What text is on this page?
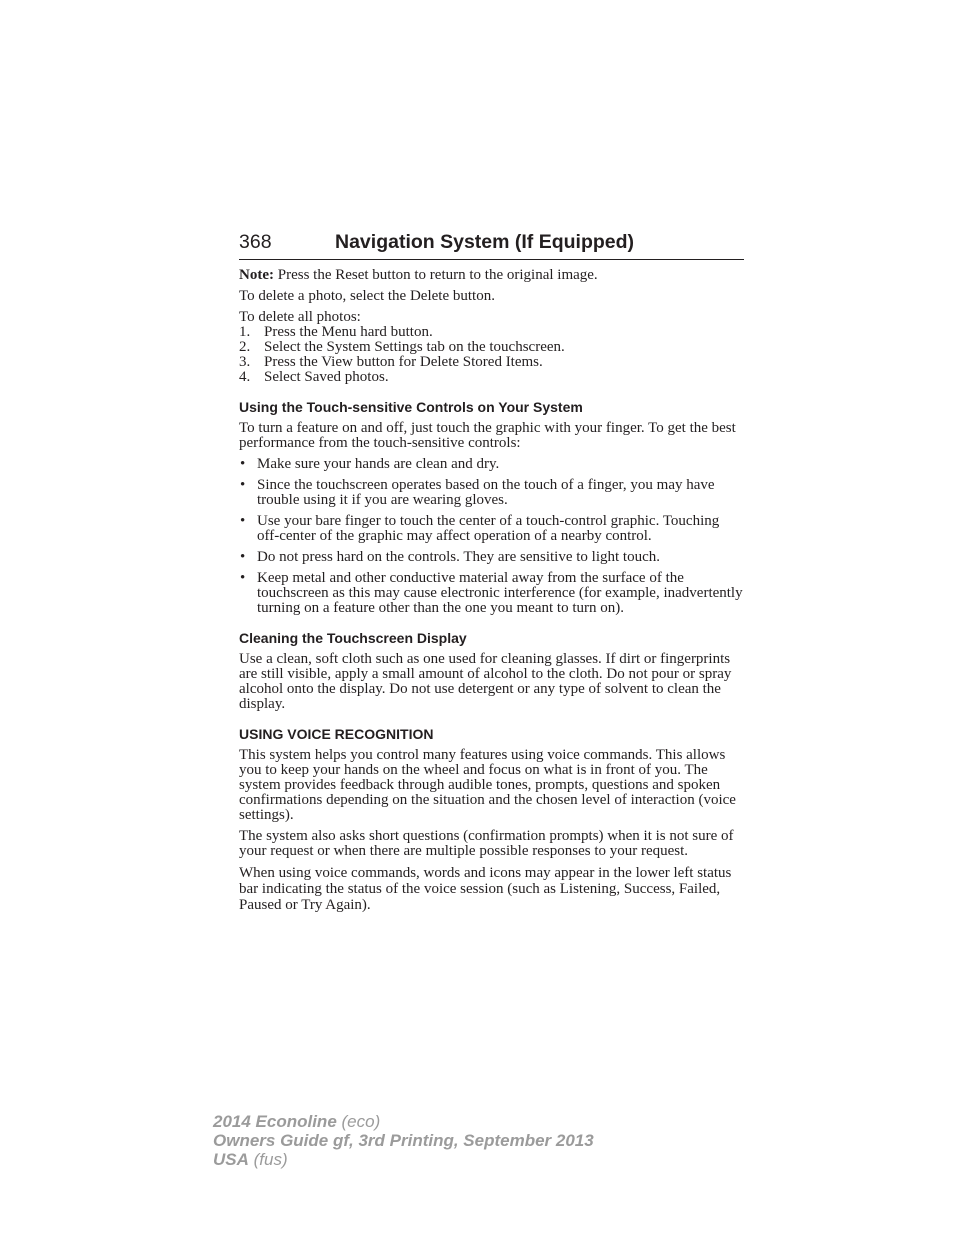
368	Navigation System (If Equipped)

Note: Press the Reset button to return to the original image.

To delete a photo, select the Delete button.

To delete all photos:
1. Press the Menu hard button.
2. Select the System Settings tab on the touchscreen.
3. Press the View button for Delete Stored Items.
4. Select Saved photos.
Using the Touch-sensitive Controls on Your System

To turn a feature on and off, just touch the graphic with your finger. To get the best performance from the touch-sensitive controls:

• Make sure your hands are clean and dry.
• Since the touchscreen operates based on the touch of a finger, you may have trouble using it if you are wearing gloves.
• Use your bare finger to touch the center of a touch-control graphic. Touching off-center of the graphic may affect operation of a nearby control.
• Do not press hard on the controls. They are sensitive to light touch.
• Keep metal and other conductive material away from the surface of the touchscreen as this may cause electronic interference (for example, inadvertently turning on a feature other than the one you meant to turn on).
Cleaning the Touchscreen Display

Use a clean, soft cloth such as one used for cleaning glasses. If dirt or fingerprints are still visible, apply a small amount of alcohol to the cloth. Do not pour or spray alcohol onto the display. Do not use detergent or any type of solvent to clean the display.

USING VOICE RECOGNITION

This system helps you control many features using voice commands. This allows you to keep your hands on the wheel and focus on what is in front of you. The system provides feedback through audible tones, prompts, questions and spoken confirmations depending on the situation and the chosen level of interaction (voice settings).

The system also asks short questions (confirmation prompts) when it is not sure of your request or when there are multiple possible responses to your request.

When using voice commands, words and icons may appear in the lower left status bar indicating the status of the voice session (such as Listening, Success, Failed, Paused or Try Again).

2014 Econoline (eco)
Owners Guide gf, 3rd Printing, September 2013
USA (fus)
